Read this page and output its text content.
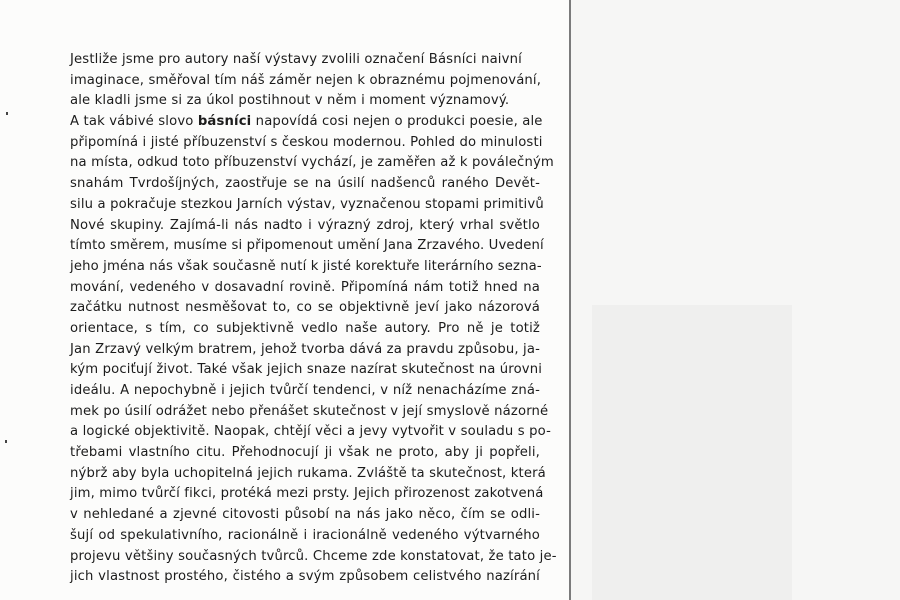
Jestliže jsme pro autory naší výstavy zvolili označení Básníci naivní
imaginace, směřoval tím náš záměr nejen k obraznému pojmenování,
ale kladli jsme si za úkol postihnout v něm i moment významový.
A tak vábivé slovo básníci napovídá cosi nejen o produkci poesie, ale
připomíná i jisté příbuzenství s českou modernou. Pohled do minulosti
na místa, odkud toto příbuzenství vychází, je zaměřen až k poválečným
snahám Tvrdošíjných, zaostřuje se na úsilí nadšenců raného Devět-
silu a pokračuje stezkou Jarních výstav, vyznačenou stopami primitivů
Nové skupiny. Zajímá-li nás nadto i výrazný zdroj, který vrhal světlo
tímto směrem, musíme si připomenout umění Jana Zrzavého. Uvedení
jeho jména nás však současně nutí k jisté korektuře literárního sezna-
mování, vedeného v dosavadní rovině. Připomíná nám totiž hned na
začátku nutnost nesměšovat to, co se objektivně jeví jako názorová
orientace, s tím, co subjektivně vedlo naše autory. Pro ně je totiž
Jan Zrzavý velkým bratrem, jehož tvorba dává za pravdu způsobu, ja-
kým pociťují život. Také však jejich snaze nazírat skutečnost na úrovni
ideálu. A nepochybně i jejich tvůrčí tendenci, v níž nenacházíme zná-
mek po úsilí odrážet nebo přenášet skutečnost v její smyslově názorné
a logické objektivitě. Naopak, chtějí věci a jevy vytvořit v souladu s po-
třebami vlastního citu. Přehodnocují ji však ne proto, aby ji popřeli,
nýbrž aby byla uchopitelná jejich rukama. Zvláště ta skutečnost, která
jim, mimo tvůrčí fikci, protéká mezi prsty. Jejich přirozenost zakotvená
v nehledané a zjevné citovosti působí na nás jako něco, čím se odli-
šují od spekulativního, racionálně i iracionálně vedeného výtvarného
projevu většiny současných tvůrců. Chceme zde konstatovat, že tato je-
jich vlastnost prostého, čistého a svým způsobem celistvého nazírání
